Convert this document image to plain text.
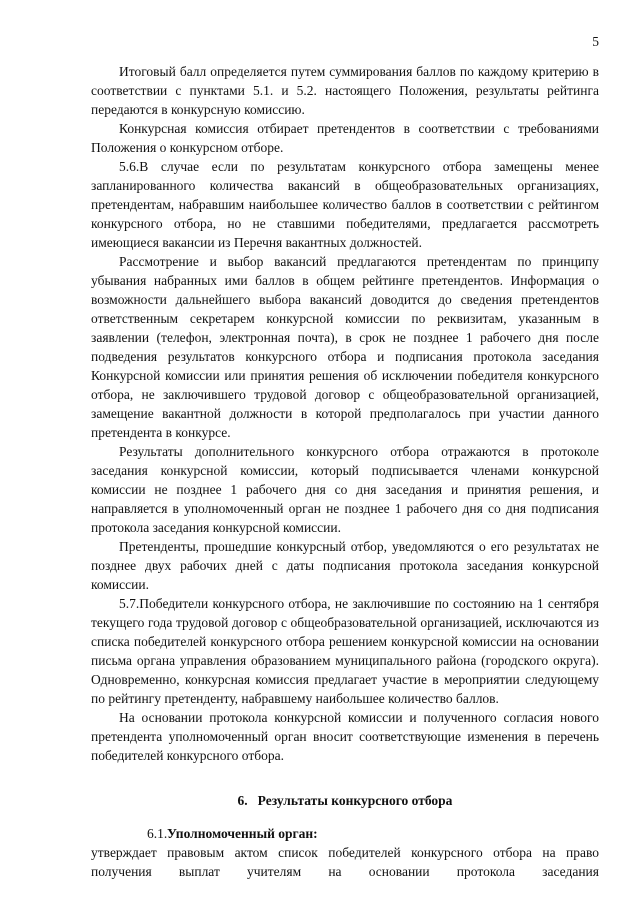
5

Итоговый балл определяется путем суммирования баллов по каждому критерию в соответствии с пунктами 5.1. и 5.2. настоящего Положения, результаты рейтинга передаются в конкурсную комиссию.

Конкурсная комиссия отбирает претендентов в соответствии с требованиями Положения о конкурсном отборе.

5.6.В случае если по результатам конкурсного отбора замещены менее запланированного количества вакансий в общеобразовательных организациях, претендентам, набравшим наибольшее количество баллов в соответствии с рейтингом конкурсного отбора, но не ставшими победителями, предлагается рассмотреть имеющиеся вакансии из Перечня вакантных должностей.

Рассмотрение и выбор вакансий предлагаются претендентам по принципу убывания набранных ими баллов в общем рейтинге претендентов. Информация о возможности дальнейшего выбора вакансий доводится до сведения претендентов ответственным секретарем конкурсной комиссии по реквизитам, указанным в заявлении (телефон, электронная почта), в срок не позднее 1 рабочего дня после подведения результатов конкурсного отбора и подписания протокола заседания Конкурсной комиссии или принятия решения об исключении победителя конкурсного отбора, не заключившего трудовой договор с общеобразовательной организацией, замещение вакантной должности в которой предполагалось при участии данного претендента в конкурсе.

Результаты дополнительного конкурсного отбора отражаются в протоколе заседания конкурсной комиссии, который подписывается членами конкурсной комиссии не позднее 1 рабочего дня со дня заседания и принятия решения, и направляется в уполномоченный орган не позднее 1 рабочего дня со дня подписания протокола заседания конкурсной комиссии.

Претенденты, прошедшие конкурсный отбор, уведомляются о его результатах не позднее двух рабочих дней с даты подписания протокола заседания конкурсной комиссии.

5.7.Победители конкурсного отбора, не заключившие по состоянию на 1 сентября текущего года трудовой договор с общеобразовательной организацией, исключаются из списка победителей конкурсного отбора решением конкурсной комиссии на основании письма органа управления образованием муниципального района (городского округа). Одновременно, конкурсная комиссия предлагает участие в мероприятии следующему по рейтингу претенденту, набравшему наибольшее количество баллов.

На основании протокола конкурсной комиссии и полученного согласия нового претендента уполномоченный орган вносит соответствующие изменения в перечень победителей конкурсного отбора.

6. Результаты конкурсного отбора
6.1.Уполномоченный орган:

утверждает правовым актом список победителей конкурсного отбора на право получения выплат учителям на основании протокола заседания
